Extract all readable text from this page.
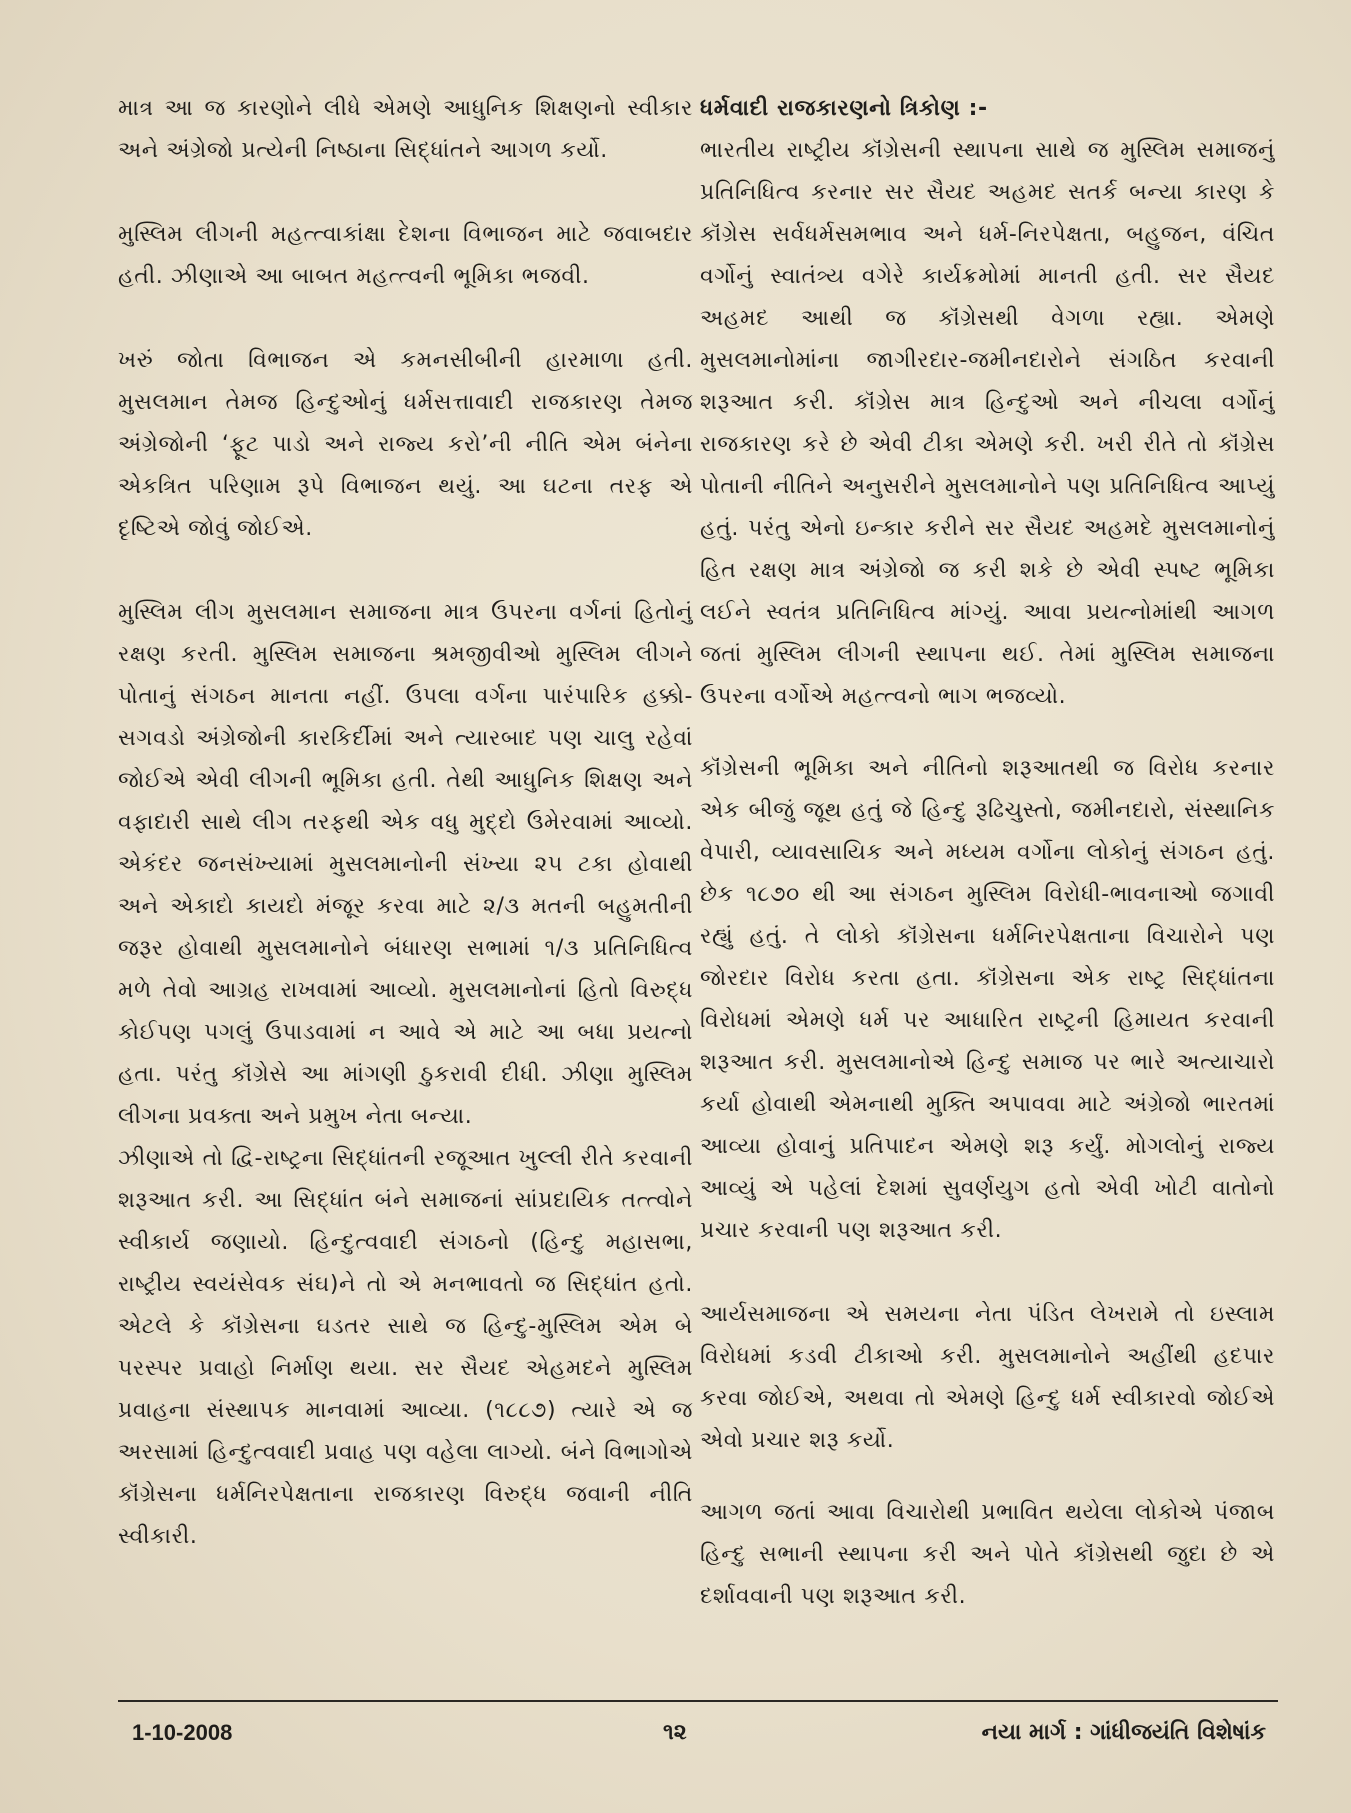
માત્ર આ જ કારણોને લીધે એમણે આધુનિક શિક્ષણનો સ્વીકાર અને અંગ્રેજો પ્રત્યેની નિષ્ઠાના સિદ્ધાંતને આગળ કર્યો.

મુસ્લિમ લીગની મહત્ત્વાકાંક્ષા દેશના વિભાજન માટે જવાબદાર હતી. ઝીણાએ આ બાબત મહત્ત્વની ભૂમિકા ભજવી.

ખરું જોતા વિભાજન એ કમનસીબીની હારમાળા હતી. મુસલમાન તેમજ હિન્દુઓનું ધર્મસત્તાવાદી રાજકારણ તેમજ અંગ્રેજોની ‘ફૂટ પાડો અને રાજ્ય કરો’ની નીતિ એમ બંનેના એકત્રિત પરિણામ રૂપે વિભાજન થયું. આ ઘટના તરફ એ દૃષ્ટિએ જોવું જોઈએ.

મુસ્લિમ લીગ મુસલમાન સમાજના માત્ર ઉપરના વર્ગનાં હિતોનું રક્ષણ કરતી. મુસ્લિમ સમાજના શ્રમજીવીઓ મુસ્લિમ લીગને પોતાનું સંગઠન માનતા નહીં. ઉપલા વર્ગના પારંપારિક હક્કો-સગવડો અંગ્રેજોની કારકિર્દીમાં અને ત્યારબાદ પણ ચાલુ રહેવાં જોઈએ એવી લીગની ભૂમિકા હતી. તેથી આધુનિક શિક્ષણ અને વફાદારી સાથે લીગ તરફથી એક વધુ મુદ્દો ઉમેરવામાં આવ્યો. એકંદર જનસંખ્યામાં મુસલમાનોની સંખ્યા ૨૫ ટકા હોવાથી અને એકાદો કાયદો મંજૂર કરવા માટે ૨/૩ મતની બહુમતીની જરૂર હોવાથી મુસલમાનોને બંધારણ સભામાં ૧/૩ પ્રતિનિધિત્વ મળે તેવો આગ્રહ રાખવામાં આવ્યો. મુસલમાનોનાં હિતો વિરુદ્ધ કોઈપણ પગલું ઉપાડવામાં ન આવે એ માટે આ બધા પ્રયત્નો હતા. પરંતુ કૉંગ્રેસે આ માંગણી ઠુકરાવી દીધી. ઝીણા મુસ્લિમ લીગના પ્રવક્તા અને પ્રમુખ નેતા બન્યા.

ઝીણાએ તો દ્વિ-રાષ્ટ્રના સિદ્ધાંતની રજૂઆત ખુલ્લી રીતે કરવાની શરૂઆત કરી. આ સિદ્ધાંત બંને સમાજનાં સાંપ્રદાયિક તત્ત્વોને સ્વીકાર્ય જણાયો. હિન્દુત્વવાદી સંગઠનો (હિન્દુ મહાસભા, રાષ્ટ્રીય સ્વયંસેવક સંઘ)ને તો એ મનભાવતો જ સિદ્ધાંત હતો. એટલે કે કૉંગ્રેસના ઘડતર સાથે જ હિન્દુ-મુસ્લિમ એમ બે પરસ્પર પ્રવાહો નિર્માણ થયા. સર સૈયદ એહમદને મુસ્લિમ પ્રવાહના સંસ્થાપક માનવામાં આવ્યા. (૧૮૮૭) ત્યારે એ જ અરસામાં હિન્દુત્વવાદી પ્રવાહ પણ વહેલા લાગ્યો. બંને વિભાગોએ કૉંગ્રેસના ધર્મનિરપેક્ષતાના રાજકારણ વિરુદ્ધ જવાની નીતિ સ્વીકારી.

ધર્મવાદી રાજકારણનો ત્રિકોણ :-

ભારતીય રાષ્ટ્રીય કૉંગ્રેસની સ્થાપના સાથે જ મુસ્લિમ સમાજનું પ્રતિનિધિત્વ કરનાર સર સૈયદ અહમદ સતર્ક બન્યા કારણ કે કૉંગ્રેસ સર્વધર્મસમભાવ અને ધર્મ-નિરપેક્ષતા, બહુજન, વંચિત વર્ગોનું સ્વાતંત્ર્ય વગેરે કાર્યક્રમોમાં માનતી હતી. સર સૈયદ અહમદ આથી જ કૉંગ્રેસથી વેગળા રહ્યા. એમણે મુસલમાનોમાંના જાગીરદાર-જમીનદારોને સંગઠિત કરવાની શરૂઆત કરી. કૉંગ્રેસ માત્ર હિન્દુઓ અને નીચલા વર્ગોનું રાજકારણ કરે છે એવી ટીકા એમણે કરી. ખરી રીતે તો કૉંગ્રેસ પોતાની નીતિને અનુસરીને મુસલમાનોને પણ પ્રતિનિધિત્વ આપ્યું હતું. પરંતુ એનો ઇન્કાર કરીને સર સૈયદ અહમદે મુસલમાનોનું હિત રક્ષણ માત્ર અંગ્રેજો જ કરી શકે છે એવી સ્પષ્ટ ભૂમિકા લઈને સ્વતંત્ર પ્રતિનિધિત્વ માંગ્યું. આવા પ્રયત્નોમાંથી આગળ જતાં મુસ્લિમ લીગની સ્થાપના થઈ. તેમાં મુસ્લિમ સમાજના ઉપરના વર્ગોએ મહત્ત્વનો ભાગ ભજવ્યો.

કૉંગ્રેસની ભૂમિકા અને નીતિનો શરૂઆતથી જ વિરોધ કરનાર એક બીજું જૂથ હતું જે હિન્દુ રૂઢિચુસ્તો, જમીનદારો, સંસ્થાનિક વેપારી, વ્યાવસાયિક અને મધ્યમ વર્ગોના લોકોનું સંગઠન હતું. છેક ૧૮૭૦ થી આ સંગઠન મુસ્લિમ વિરોધી-ભાવનાઓ જગાવી રહ્યું હતું. તે લોકો કૉંગ્રેસના ધર્મનિરપેક્ષતાના વિચારોને પણ જોરદાર વિરોધ કરતા હતા. કૉંગ્રેસના એક રાષ્ટ્ર સિદ્ધાંતના વિરોધમાં એમણે ધર્મ પર આધારિત રાષ્ટ્રની હિમાયત કરવાની શરૂઆત કરી. મુસલમાનોએ હિન્દુ સમાજ પર ભારે અત્યાચારો કર્યા હોવાથી એમનાથી મુક્તિ અપાવવા માટે અંગ્રેજો ભારતમાં આવ્યા હોવાનું પ્રતિપાદન એમણે શરૂ કર્યું. મોગલોનું રાજ્ય આવ્યું એ પહેલાં દેશમાં સુવર્ણયુગ હતો એવી ખોટી વાતોનો પ્રચાર કરવાની પણ શરૂઆત કરી.

આર્યસમાજના એ સમયના નેતા પંડિત લેખરામે તો ઇસ્લામ વિરોધમાં કડવી ટીકાઓ કરી. મુસલમાનોને અહીંથી હદપાર કરવા જોઈએ, અથવા તો એમણે હિન્દુ ધર્મ સ્વીકારવો જોઈએ એવો પ્રચાર શરૂ કર્યો.

આગળ જતાં આવા વિચારોથી પ્રભાવિત થયેલા લોકોએ પંજાબ હિન્દુ સભાની સ્થાપના કરી અને પોતે કૉંગ્રેસથી જુદા છે એ દર્શાવવાની પણ શરૂઆત કરી.

1-10-2008	૧૨	નયા માર્ગ : ગાંધીજયંતિ વિશેષાંક
